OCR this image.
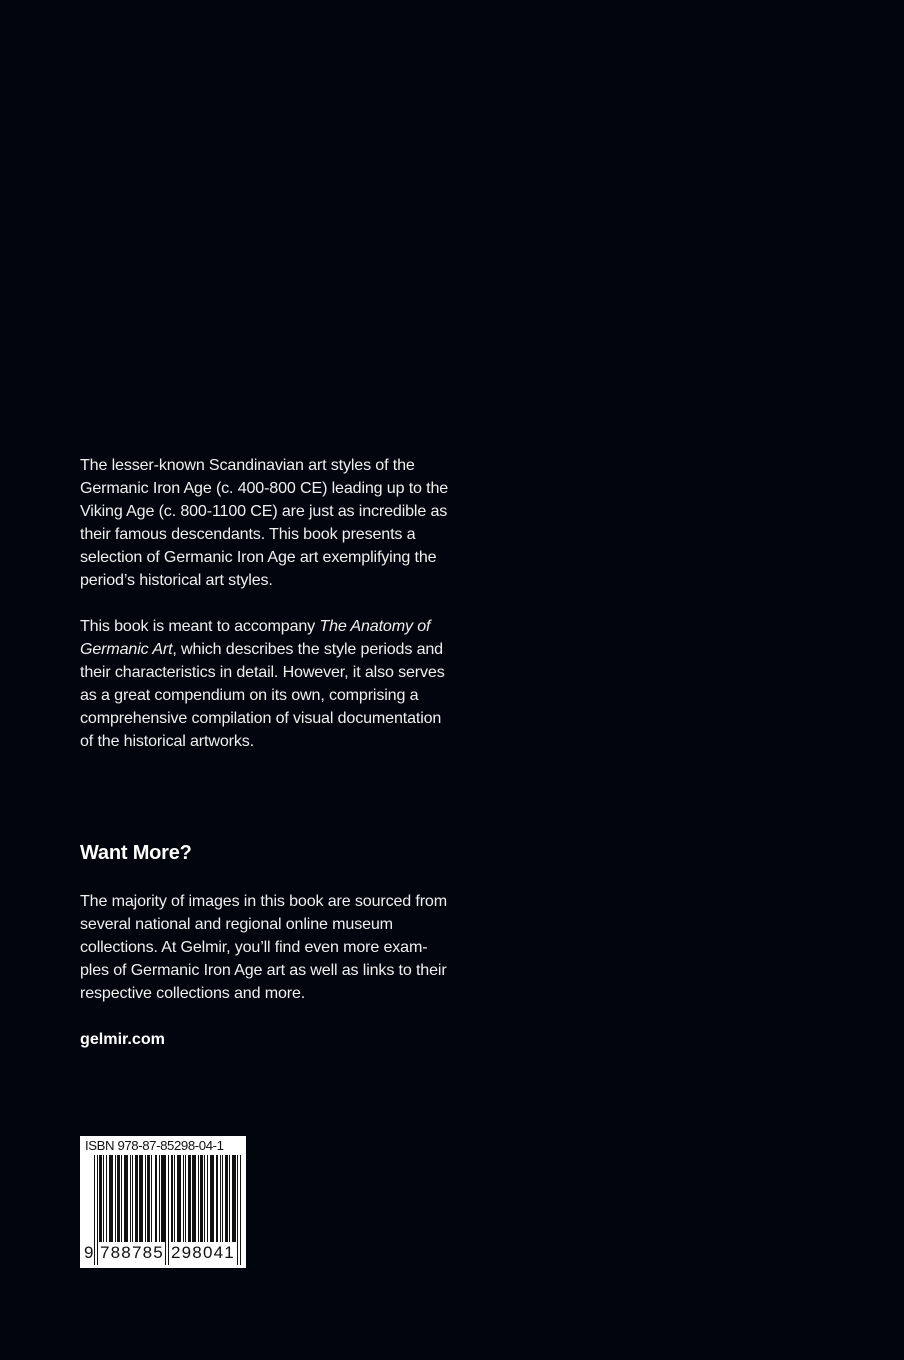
The lesser-known Scandinavian art styles of the Germanic Iron Age (c. 400-800 CE) leading up to the Viking Age (c. 800-1100 CE) are just as incredible as their famous descendants. This book presents a selection of Germanic Iron Age art exemplifying the period’s historical art styles.

This book is meant to accompany The Anatomy of Germanic Art, which describes the style periods and their characteristics in detail. However, it also serves as a great compendium on its own, comprising a comprehensive compilation of visual documentation of the historical artworks.

Want More?

The majority of images in this book are sourced from several national and regional online museum collections. At Gelmir, you’ll find even more exam-ples of Germanic Iron Age art as well as links to their respective collections and more.

gelmir.com
ISBN 978-87-85298-04-1
9 788785 298041
